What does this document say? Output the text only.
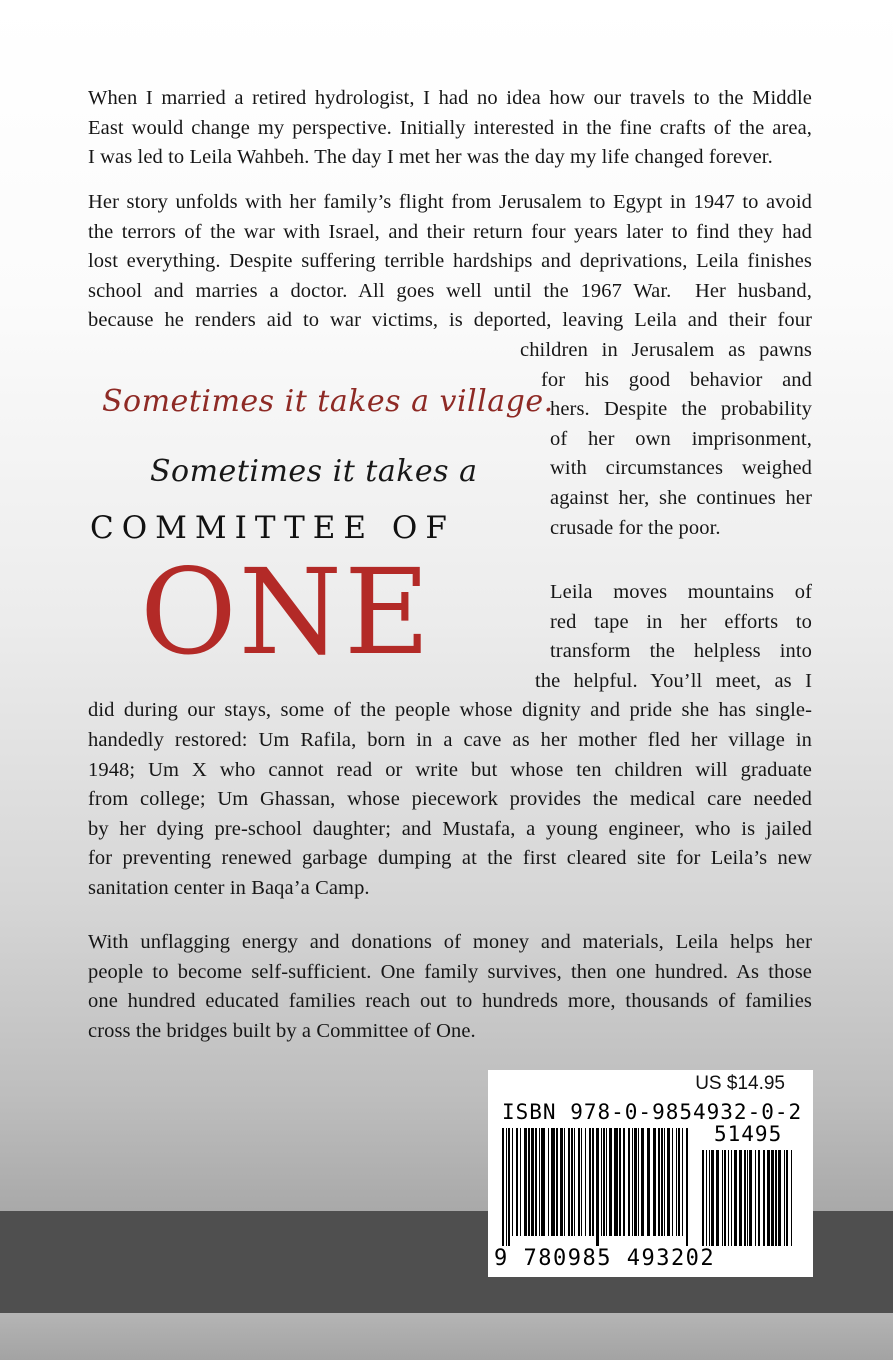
When I married a retired hydrologist, I had no idea how our travels to the Middle
East would change my perspective. Initially interested in the fine crafts of the area,
I was led to Leila Wahbeh. The day I met her was the day my life changed forever.

Her story unfolds with her family’s flight from Jerusalem to Egypt in 1947 to avoid
the terrors of the war with Israel, and their return four years later to find they had
lost everything. Despite suffering terrible hardships and deprivations, Leila finishes
school and marries a doctor. All goes well until the 1967 War.  Her husband,
because he renders aid to war victims, is deported, leaving Leila and their four
children in Jerusalem as pawns
for his good behavior and
hers. Despite the probability
of her own imprisonment,
with circumstances weighed
against her, she continues her
crusade for the poor.

Leila moves mountains of
red tape in her efforts to
transform the helpless into
the helpful. You’ll meet, as I
did during our stays, some of the people whose dignity and pride she has single-
handedly restored: Um Rafila, born in a cave as her mother fled her village in
1948; Um X who cannot read or write but whose ten children will graduate
from college; Um Ghassan, whose piecework provides the medical care needed
by her dying pre-school daughter; and Mustafa, a young engineer, who is jailed
for preventing renewed garbage dumping at the first cleared site for Leila’s new
sanitation center in Baqa’a Camp.

With unflagging energy and donations of money and materials, Leila helps her
people to become self-sufficient. One family survives, then one hundred. As those
one hundred educated families reach out to hundreds more, thousands of families
cross the bridges built by a Committee of One.

Sometimes it takes a village.

Sometimes it takes a

COMMITTEE OF

ONE

US $14.95
ISBN 978-0-9854932-0-2
51495
9 780985 493202
